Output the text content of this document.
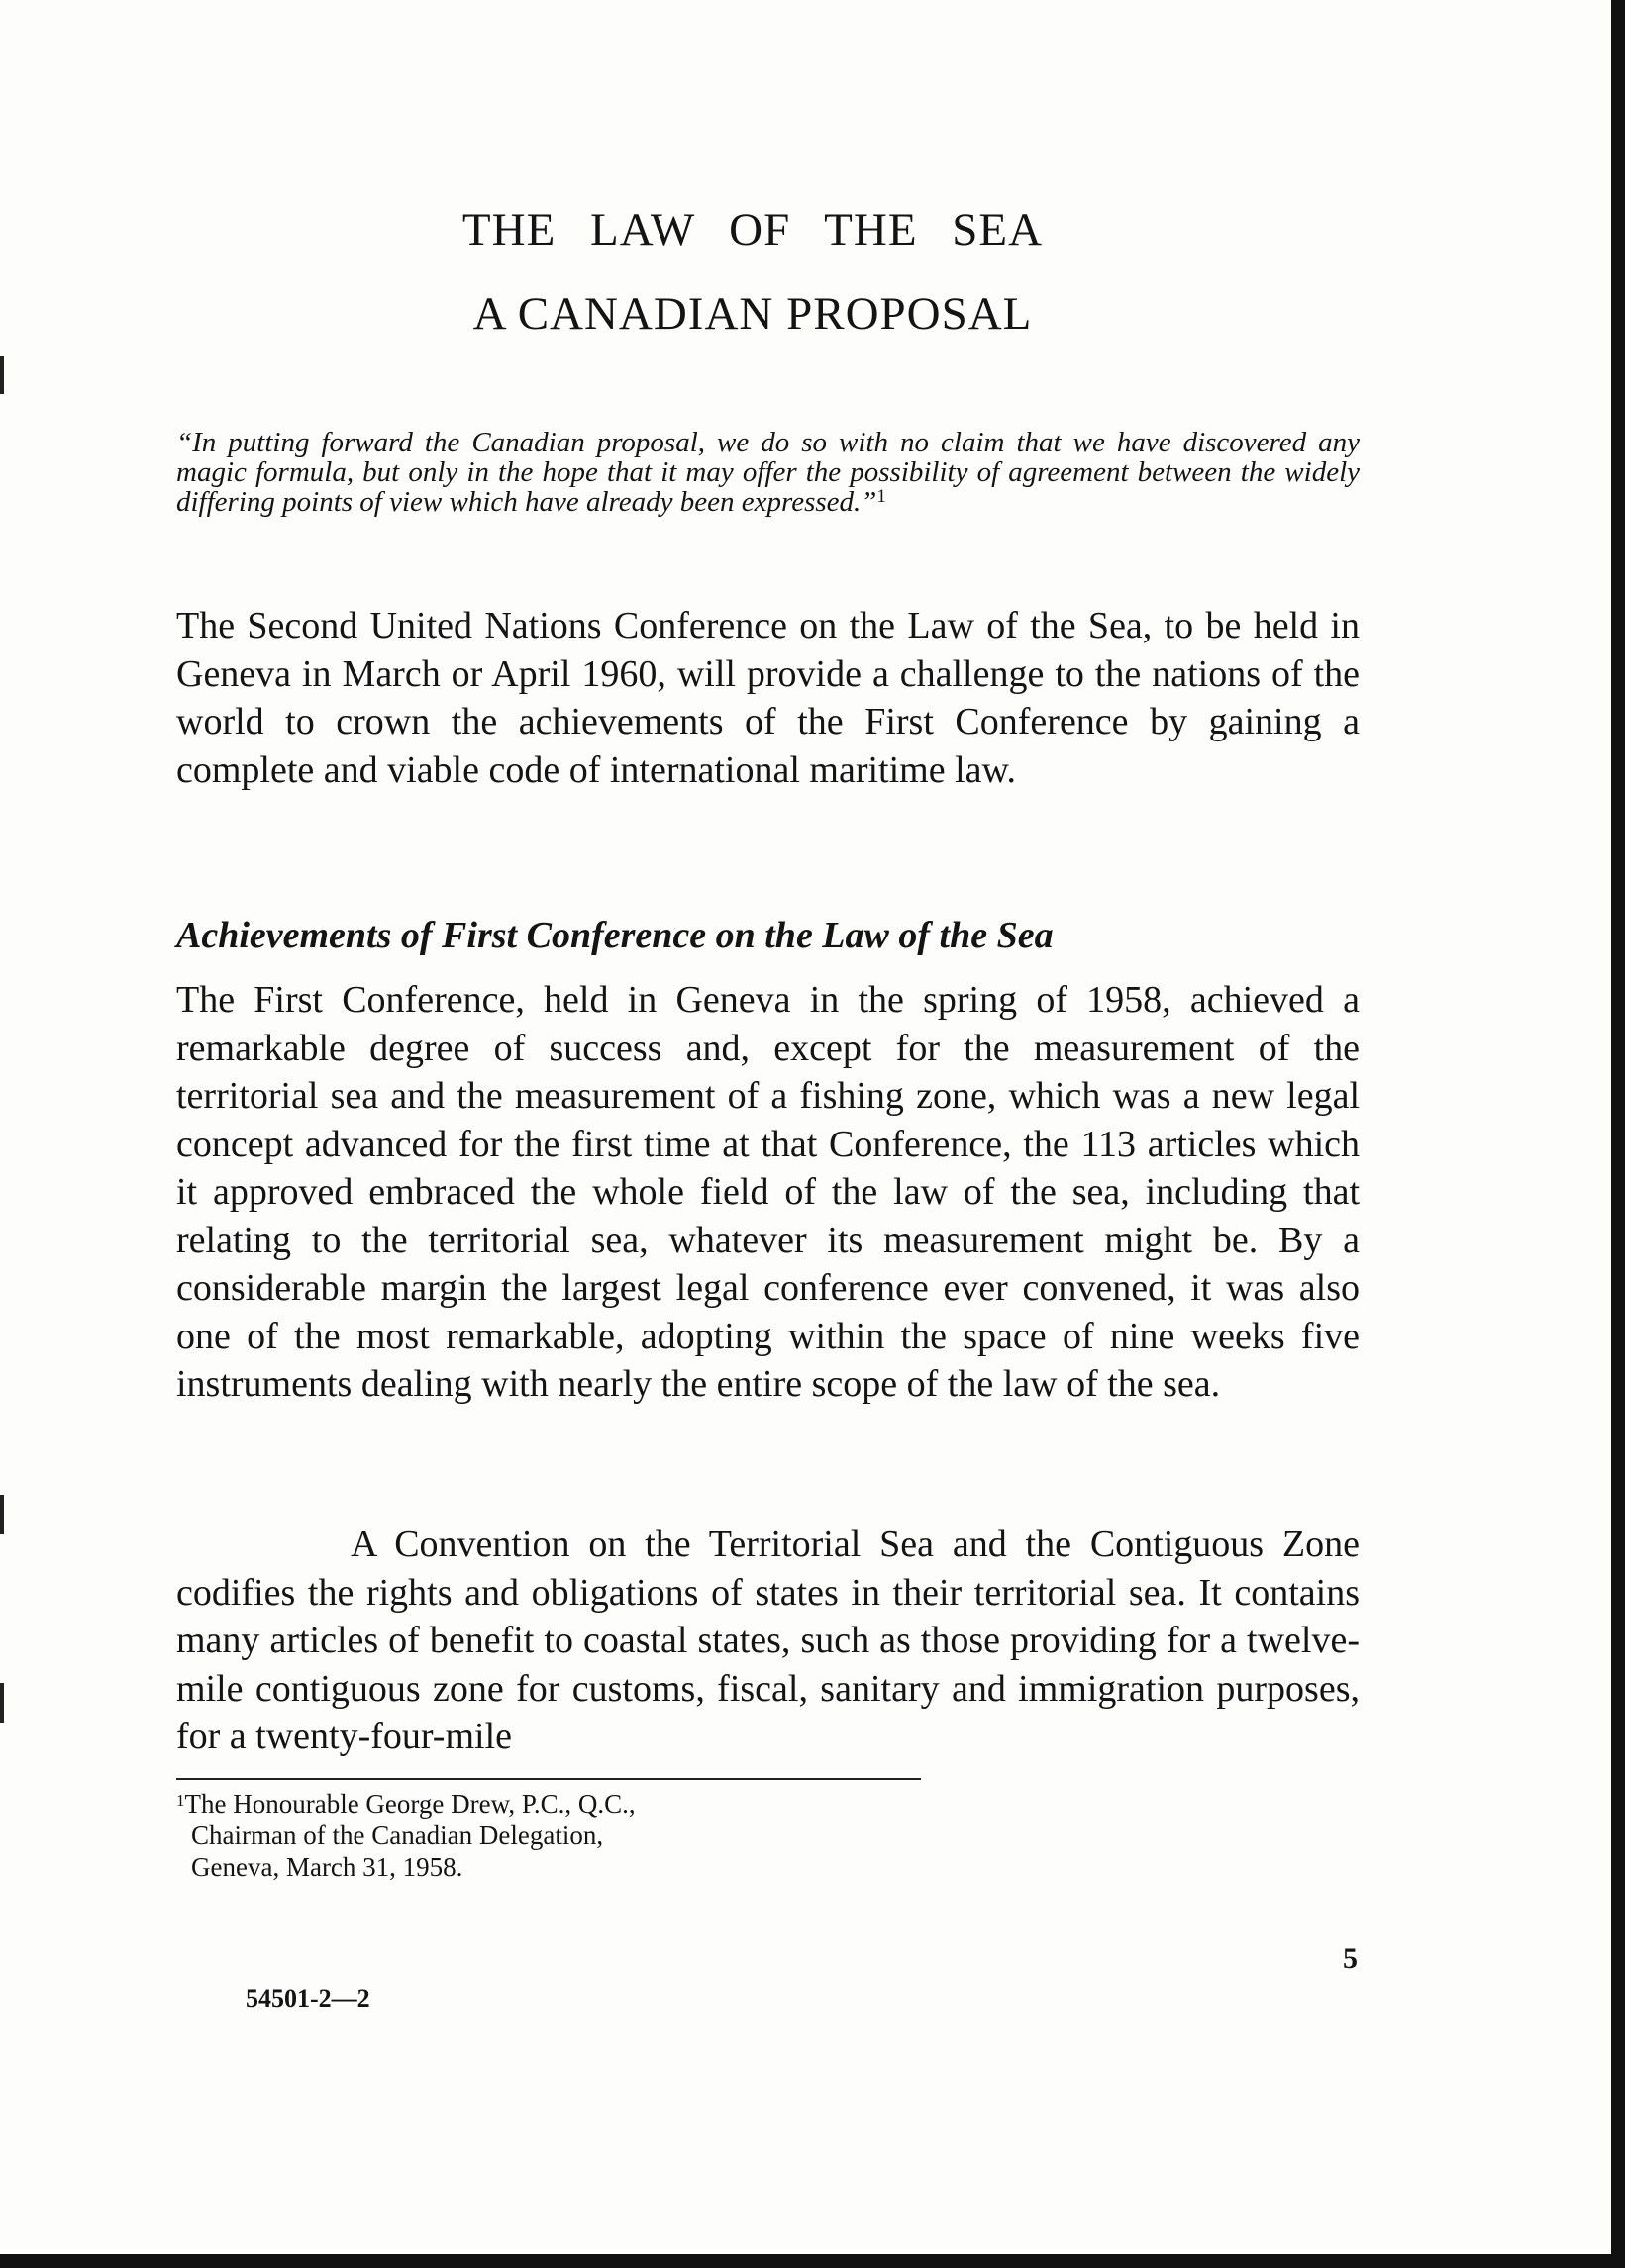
THE LAW OF THE SEA
A CANADIAN PROPOSAL

“In putting forward the Canadian proposal, we do so with no claim that we have discovered any magic formula, but only in the hope that it may offer the possibility of agreement between the widely differing points of view which have already been expressed.”$^1$

The Second United Nations Conference on the Law of the Sea, to be held in Geneva in March or April 1960, will provide a challenge to the nations of the world to crown the achievements of the First Conference by gaining a complete and viable code of international maritime law.

Achievements of First Conference on the Law of the Sea

The First Conference, held in Geneva in the spring of 1958, achieved a remarkable degree of success and, except for the measurement of the territorial sea and the measurement of a fishing zone, which was a new legal concept advanced for the first time at that Conference, the 113 articles which it approved embraced the whole field of the law of the sea, including that relating to the territorial sea, whatever its measurement might be. By a considerable margin the largest legal conference ever convened, it was also one of the most remarkable, adopting within the space of nine weeks five instruments dealing with nearly the entire scope of the law of the sea.

A Convention on the Territorial Sea and the Contiguous Zone codifies the rights and obligations of states in their territorial sea. It contains many articles of benefit to coastal states, such as those providing for a twelve-mile contiguous zone for customs, fiscal, sanitary and immigration purposes, for a twenty-four-mile

$^1$The Honourable George Drew, P.C., Q.C.,
Chairman of the Canadian Delegation,
Geneva, March 31, 1958.
5
54501-2—2
